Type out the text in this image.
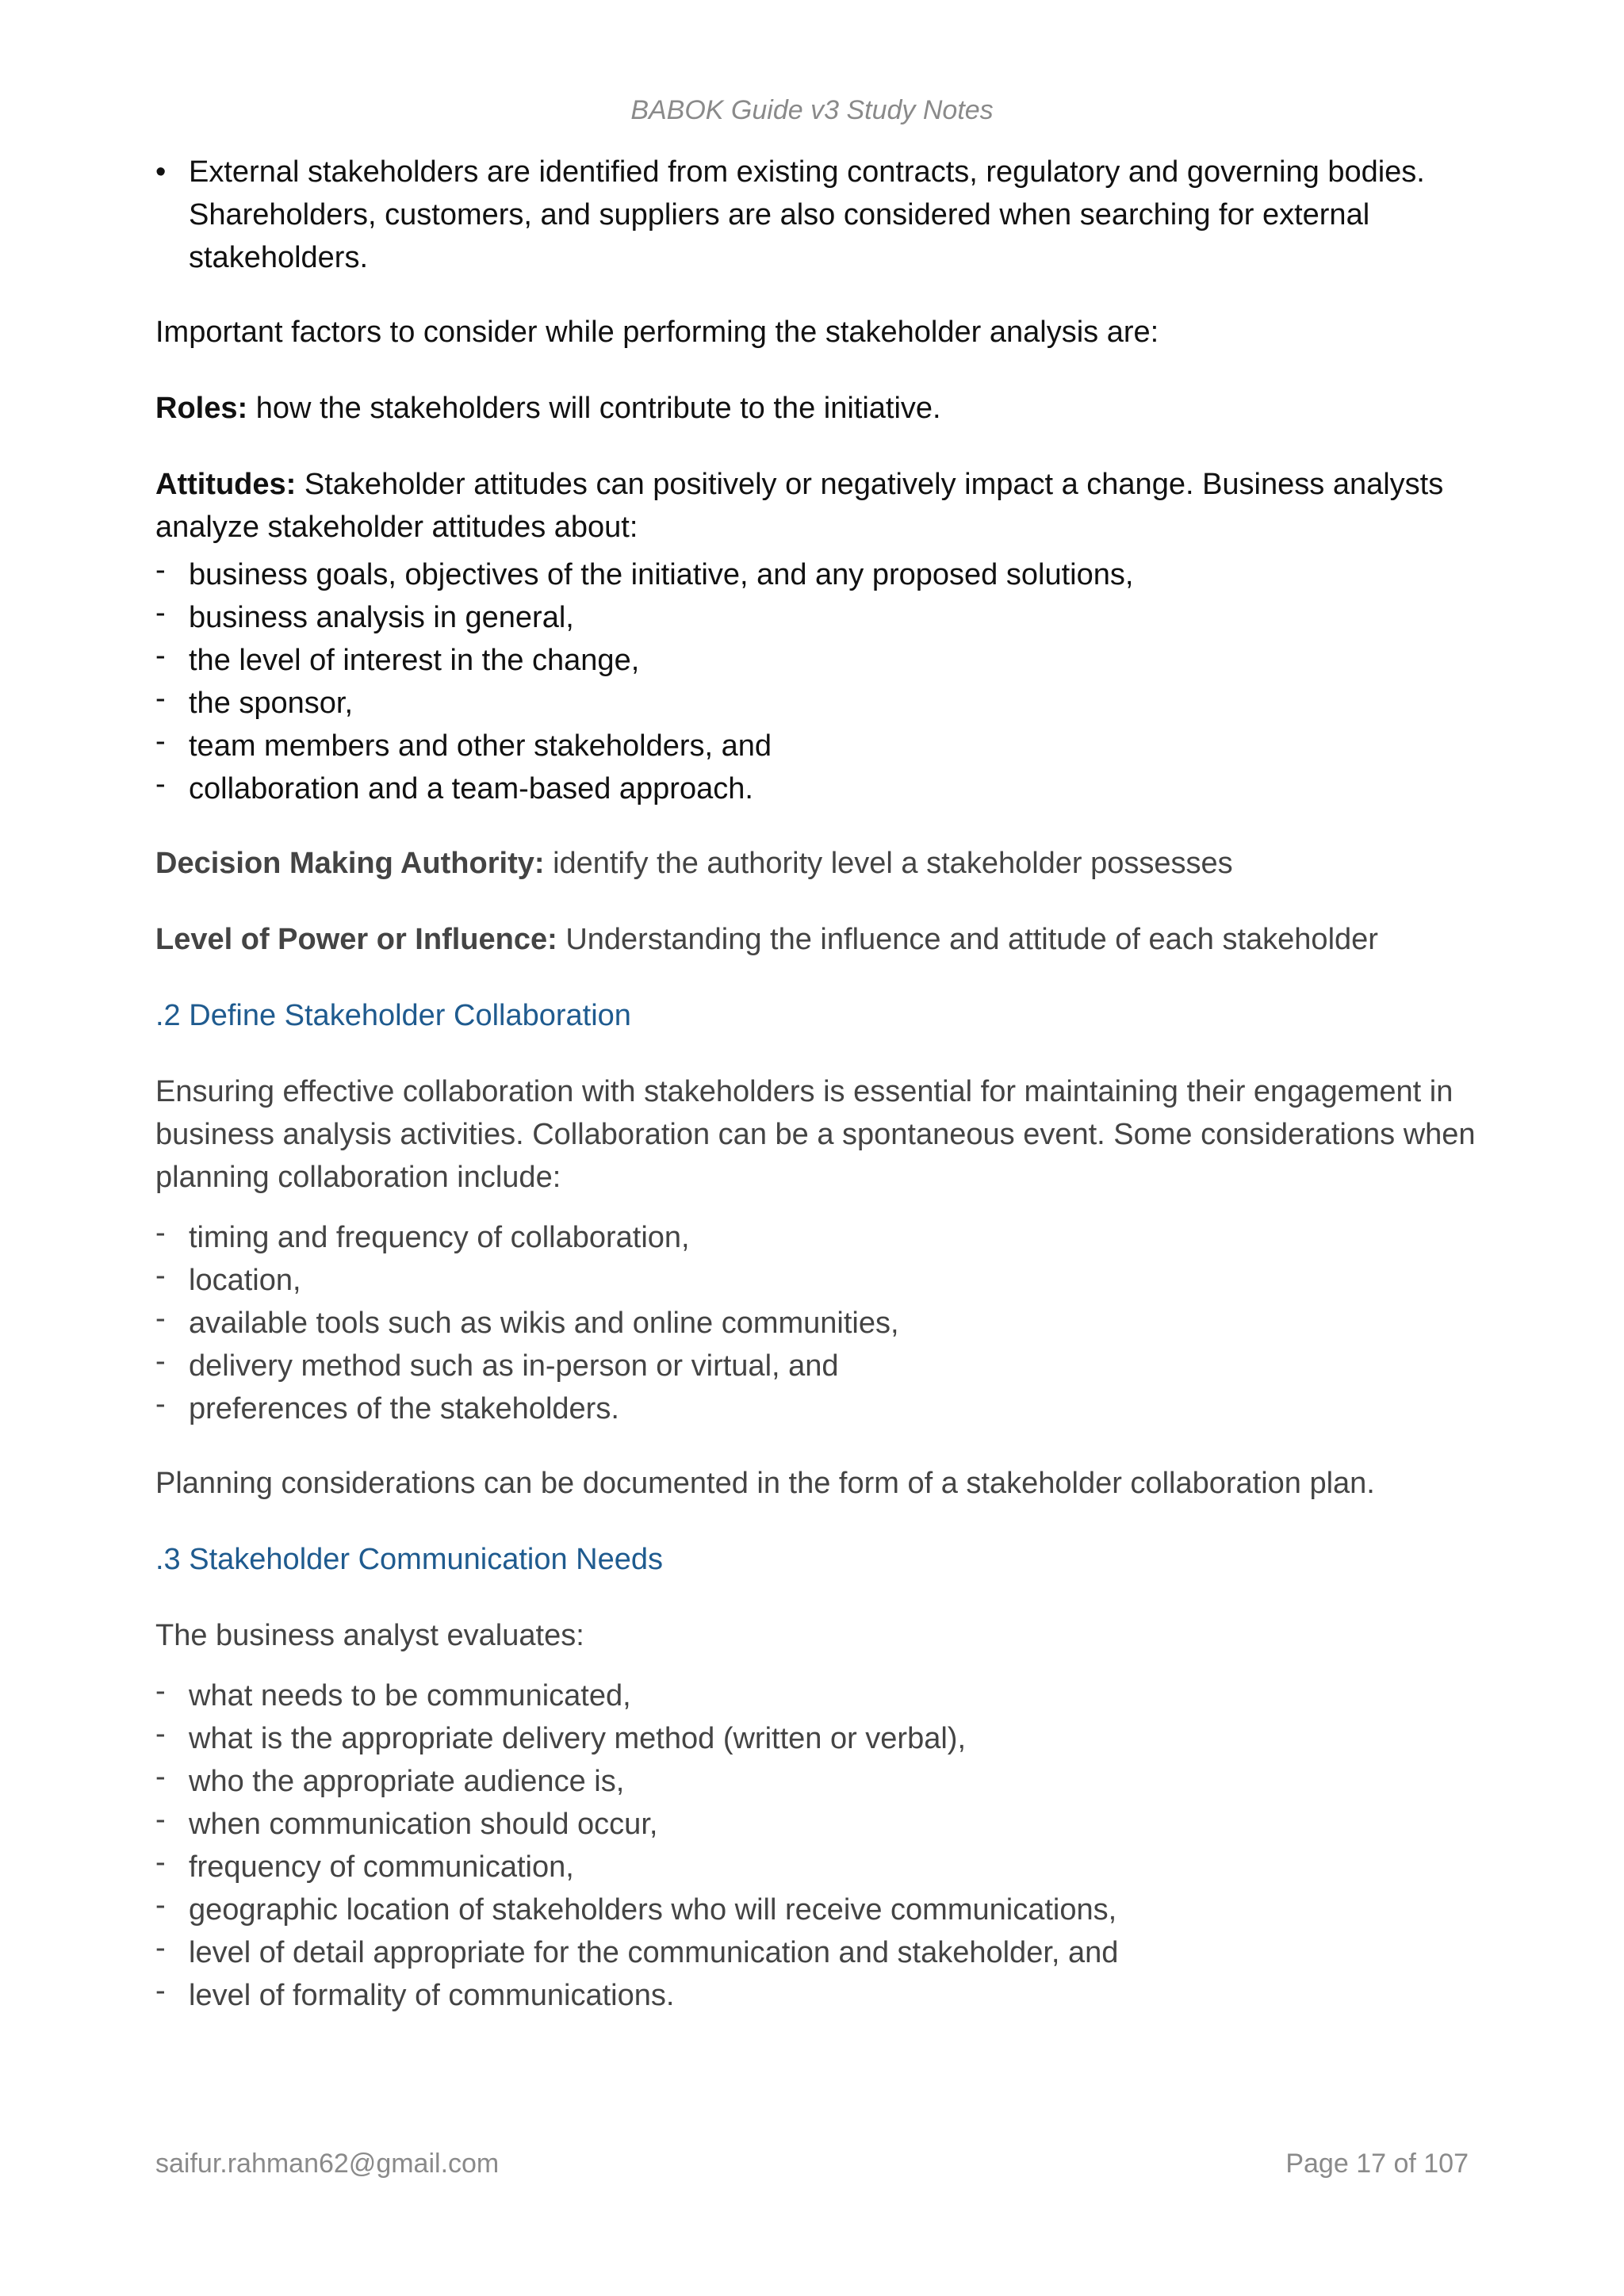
BABOK Guide v3 Study Notes
• External stakeholders are identified from existing contracts, regulatory and governing bodies. Shareholders, customers, and suppliers are also considered when searching for external stakeholders.

Important factors to consider while performing the stakeholder analysis are:

Roles: how the stakeholders will contribute to the initiative.

Attitudes: Stakeholder attitudes can positively or negatively impact a change. Business analysts analyze stakeholder attitudes about:

- business goals, objectives of the initiative, and any proposed solutions,
- business analysis in general,
- the level of interest in the change,
- the sponsor,
- team members and other stakeholders, and
- collaboration and a team-based approach.

Decision Making Authority: identify the authority level a stakeholder possesses

Level of Power or Influence: Understanding the influence and attitude of each stakeholder

.2 Define Stakeholder Collaboration

Ensuring effective collaboration with stakeholders is essential for maintaining their engagement in business analysis activities. Collaboration can be a spontaneous event. Some considerations when planning collaboration include:

- timing and frequency of collaboration,
- location,
- available tools such as wikis and online communities,
- delivery method such as in-person or virtual, and
- preferences of the stakeholders.

Planning considerations can be documented in the form of a stakeholder collaboration plan.

.3 Stakeholder Communication Needs

The business analyst evaluates:

- what needs to be communicated,
- what is the appropriate delivery method (written or verbal),
- who the appropriate audience is,
- when communication should occur,
- frequency of communication,
- geographic location of stakeholders who will receive communications,
- level of detail appropriate for the communication and stakeholder, and
- level of formality of communications.
saifur.rahman62@gmail.com	Page 17 of 107
